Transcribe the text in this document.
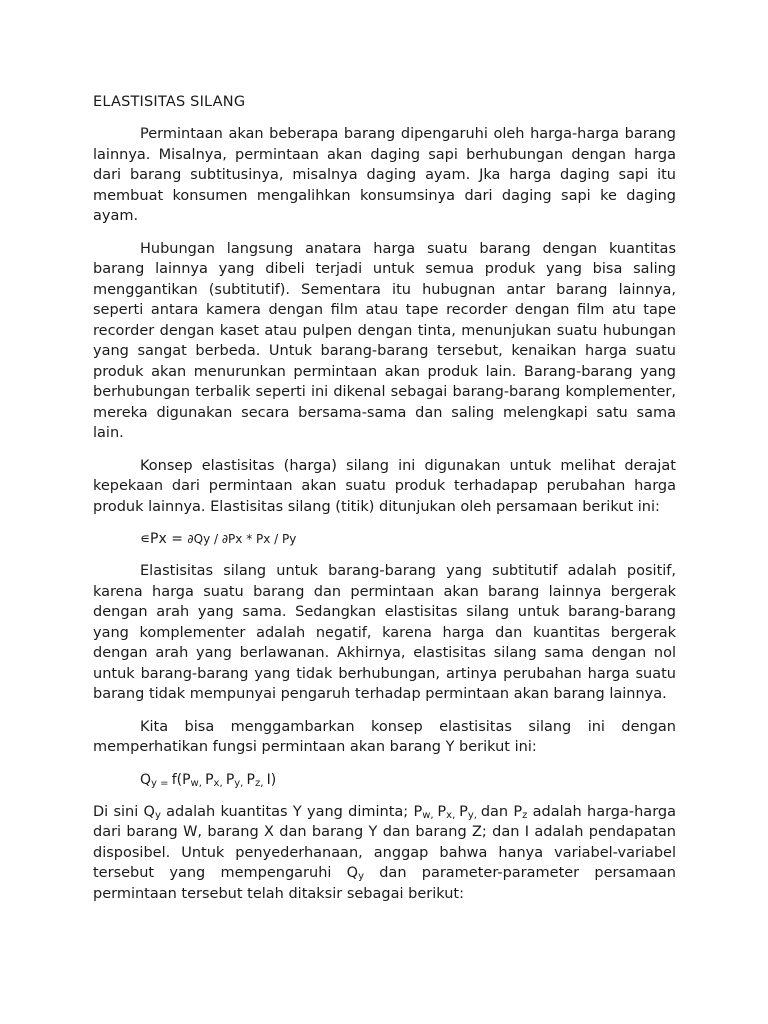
ELASTISITAS SILANG

Permintaan akan beberapa barang dipengaruhi oleh harga-harga barang lainnya. Misalnya, permintaan akan daging sapi berhubungan dengan harga dari barang subtitusinya, misalnya daging ayam. Jka harga daging sapi itu membuat konsumen mengalihkan konsumsinya dari daging sapi ke daging ayam.

Hubungan langsung anatara harga suatu barang dengan kuantitas barang lainnya yang dibeli terjadi untuk semua produk yang bisa saling menggantikan (subtitutif). Sementara itu hubugnan antar barang lainnya, seperti antara kamera dengan film atau tape recorder dengan film atu tape recorder dengan kaset atau pulpen dengan tinta, menunjukan suatu hubungan yang sangat berbeda. Untuk barang-barang tersebut, kenaikan harga suatu produk akan menurunkan permintaan akan produk lain. Barang-barang yang berhubungan terbalik seperti ini dikenal sebagai barang-barang komplementer, mereka digunakan secara bersama-sama dan saling melengkapi satu sama lain.

Konsep elastisitas (harga) silang ini digunakan untuk melihat derajat kepekaan dari permintaan akan suatu produk terhadapap perubahan harga produk lainnya. Elastisitas silang (titik) ditunjukan oleh persamaan berikut ini:

∊Px = ∂Qy / ∂Px * Px / Py

Elastisitas silang untuk barang-barang yang subtitutif adalah positif, karena harga suatu barang dan permintaan akan barang lainnya bergerak dengan arah yang sama. Sedangkan elastisitas silang untuk barang-barang yang komplementer adalah negatif, karena harga dan kuantitas bergerak dengan arah yang berlawanan. Akhirnya, elastisitas silang sama dengan nol untuk barang-barang yang tidak berhubungan, artinya perubahan harga suatu barang tidak mempunyai pengaruh terhadap permintaan akan barang lainnya.

Kita bisa menggambarkan konsep elastisitas silang ini dengan memperhatikan fungsi permintaan akan barang Y berikut ini:

$Q_{y =}$ $f(P_{w,}$ $P_{x,}$ $P_{y,}$ $P_{z,}$ I)

Di sini $Q_y$ adalah kuantitas Y yang diminta; $P_{w,}$ $P_{x,}$ $P_{y,}$ dan $P_z$ adalah harga-harga dari barang W, barang X dan barang Y dan barang Z; dan I adalah pendapatan disposibel. Untuk penyederhanaan, anggap bahwa hanya variabel-variabel tersebut yang mempengaruhi $Q_y$ dan parameter-parameter persamaan permintaan tersebut telah ditaksir sebagai berikut:
